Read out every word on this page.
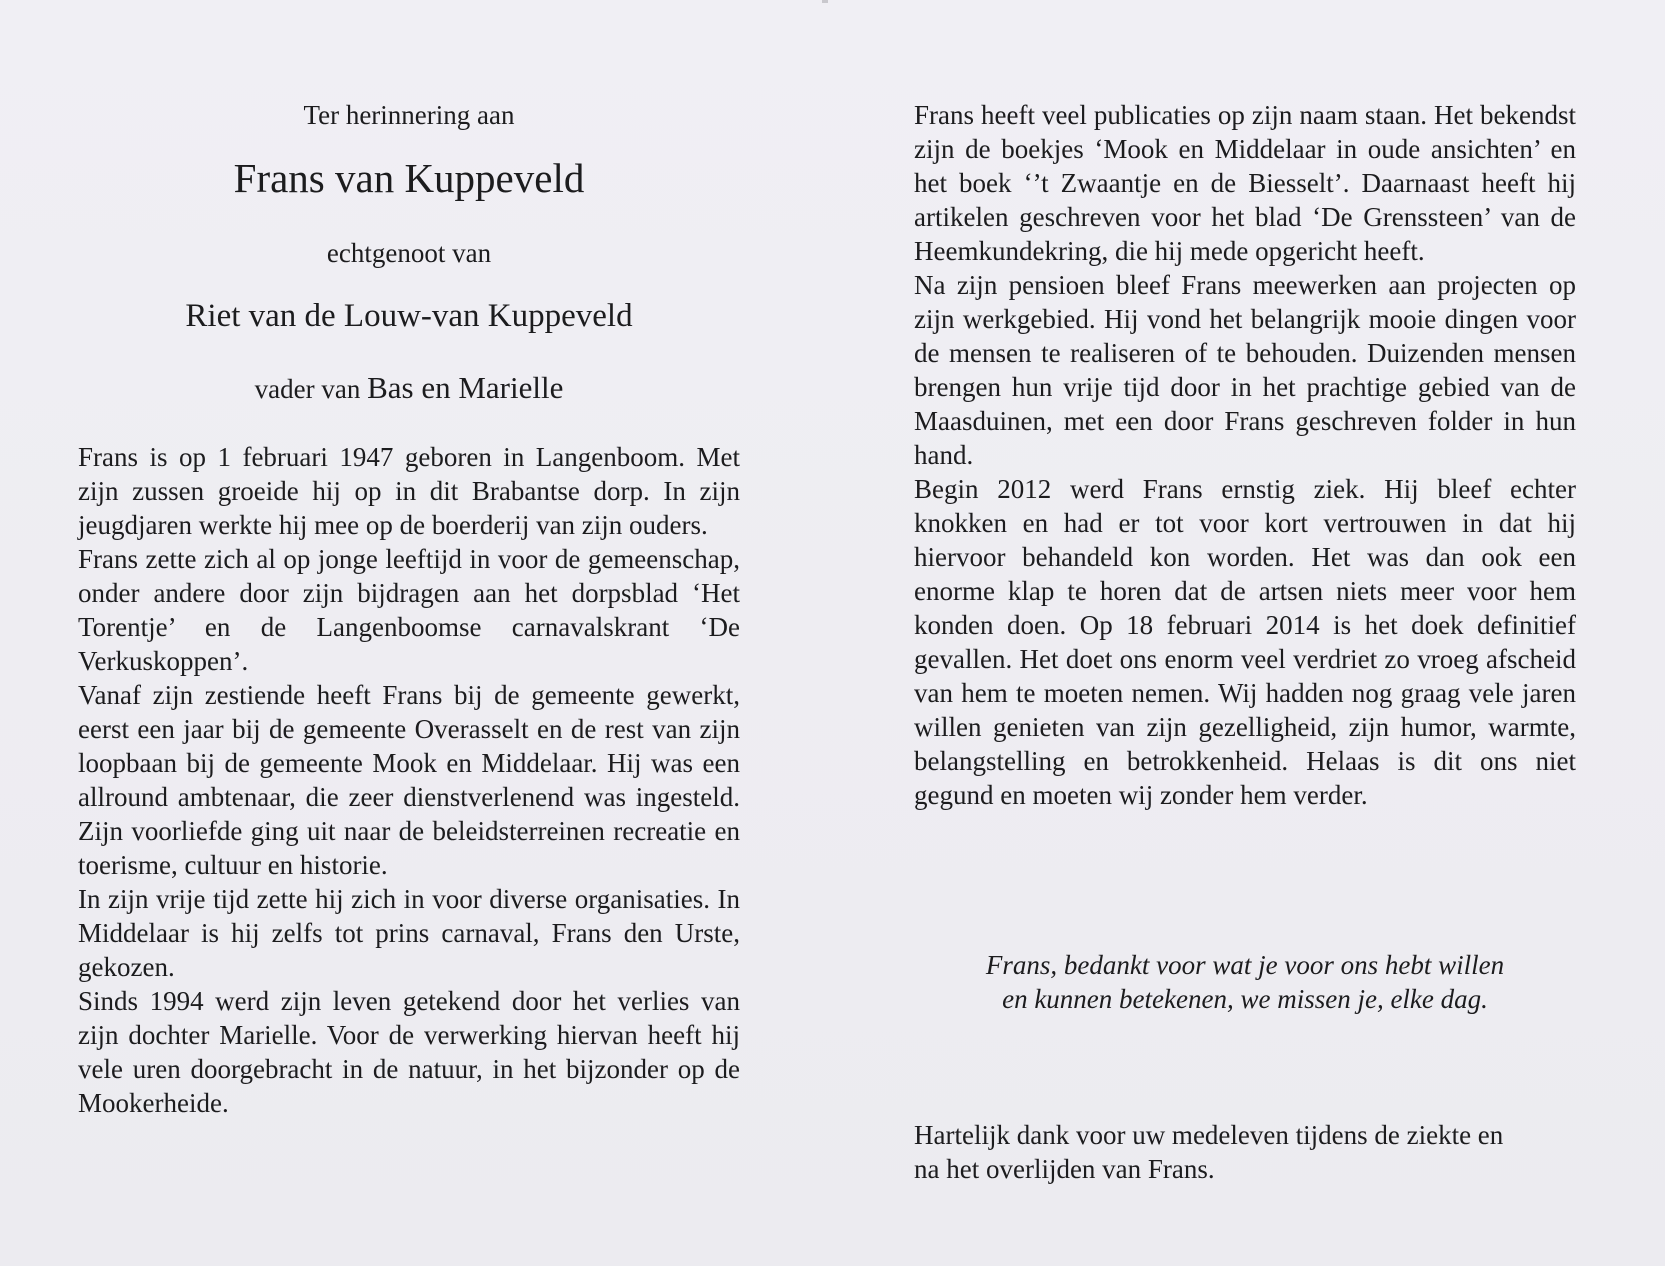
Ter herinnering aan
Frans van Kuppeveld
echtgenoot van
Riet van de Louw-van Kuppeveld
vader van Bas en Marielle

Frans is op 1 februari 1947 geboren in Langenboom. Met zijn zussen groeide hij op in dit Brabantse dorp. In zijn jeugdjaren werkte hij mee op de boerderij van zijn ouders.

Frans zette zich al op jonge leeftijd in voor de gemeenschap, onder andere door zijn bijdragen aan het dorpsblad ‘Het Torentje’ en de Langenboomse carnavalskrant ‘De Verkuskoppen’.

Vanaf zijn zestiende heeft Frans bij de gemeente gewerkt, eerst een jaar bij de gemeente Overasselt en de rest van zijn loopbaan bij de gemeente Mook en Middelaar. Hij was een allround ambtenaar, die zeer dienstverlenend was ingesteld. Zijn voorliefde ging uit naar de beleidsterreinen recreatie en toerisme, cultuur en historie.

In zijn vrije tijd zette hij zich in voor diverse organisaties. In Middelaar is hij zelfs tot prins carnaval, Frans den Urste, gekozen.

Sinds 1994 werd zijn leven getekend door het verlies van zijn dochter Marielle. Voor de verwerking hiervan heeft hij vele uren doorgebracht in de natuur, in het bijzonder op de Mookerheide.

Frans heeft veel publicaties op zijn naam staan. Het bekendst zijn de boekjes ‘Mook en Middelaar in oude ansichten’ en het boek ‘’t Zwaantje en de Biesselt’. Daarnaast heeft hij artikelen geschreven voor het blad ‘De Grenssteen’ van de Heemkundekring, die hij mede opgericht heeft.

Na zijn pensioen bleef Frans meewerken aan projecten op zijn werkgebied. Hij vond het belangrijk mooie dingen voor de mensen te realiseren of te behouden. Duizenden mensen brengen hun vrije tijd door in het prachtige gebied van de Maasduinen, met een door Frans geschreven folder in hun hand.

Begin 2012 werd Frans ernstig ziek. Hij bleef echter knokken en had er tot voor kort vertrouwen in dat hij hiervoor behandeld kon worden. Het was dan ook een enorme klap te horen dat de artsen niets meer voor hem konden doen. Op 18 februari 2014 is het doek definitief gevallen. Het doet ons enorm veel verdriet zo vroeg afscheid van hem te moeten nemen. Wij hadden nog graag vele jaren willen genieten van zijn gezelligheid, zijn humor, warmte, belangstelling en betrokkenheid. Helaas is dit ons niet gegund en moeten wij zonder hem verder.

Frans, bedankt voor wat je voor ons hebt willen
en kunnen betekenen, we missen je, elke dag.
Hartelijk dank voor uw medeleven tijdens de ziekte en
na het overlijden van Frans.
